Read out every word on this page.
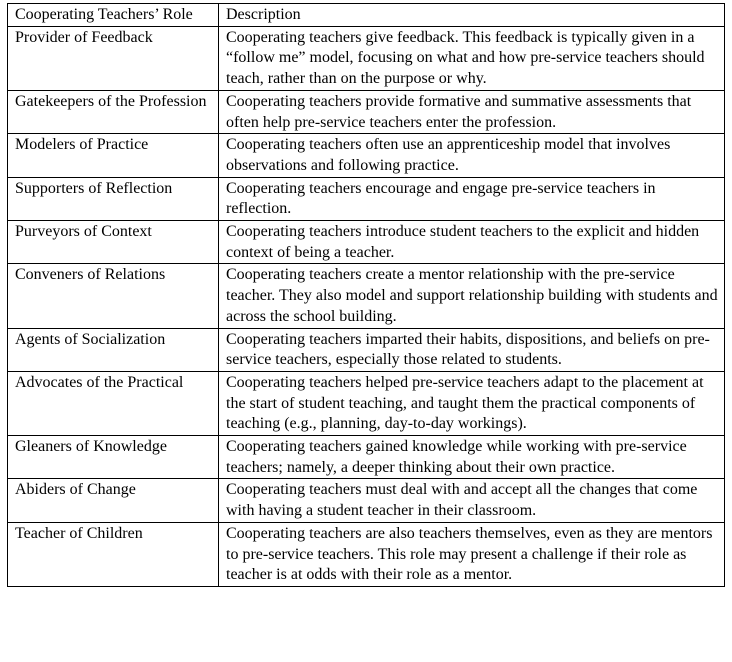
Cooperating Teachers’ Role	Description
Provider of Feedback	Cooperating teachers give feedback. This feedback is typically given in a “follow me” model, focusing on what and how pre-service teachers should teach, rather than on the purpose or why.
Gatekeepers of the Profession	Cooperating teachers provide formative and summative assessments that often help pre-service teachers enter the profession.
Modelers of Practice	Cooperating teachers often use an apprenticeship model that involves observations and following practice.
Supporters of Reflection	Cooperating teachers encourage and engage pre-service teachers in reflection.
Purveyors of Context	Cooperating teachers introduce student teachers to the explicit and hidden context of being a teacher.
Conveners of Relations	Cooperating teachers create a mentor relationship with the pre-service teacher. They also model and support relationship building with students and across the school building.
Agents of Socialization	Cooperating teachers imparted their habits, dispositions, and beliefs on pre-service teachers, especially those related to students.
Advocates of the Practical	Cooperating teachers helped pre-service teachers adapt to the placement at the start of student teaching, and taught them the practical components of teaching (e.g., planning, day-to-day workings).
Gleaners of Knowledge	Cooperating teachers gained knowledge while working with pre-service teachers; namely, a deeper thinking about their own practice.
Abiders of Change	Cooperating teachers must deal with and accept all the changes that come with having a student teacher in their classroom.
Teacher of Children	Cooperating teachers are also teachers themselves, even as they are mentors to pre-service teachers. This role may present a challenge if their role as teacher is at odds with their role as a mentor.
